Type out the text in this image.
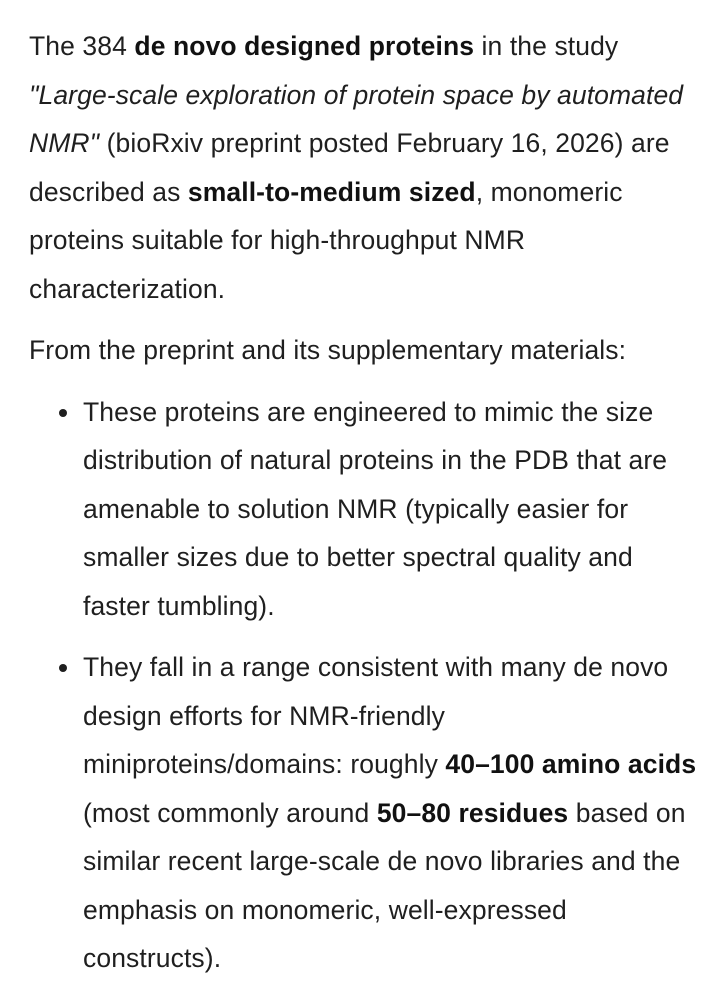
The 384 de novo designed proteins in the study "Large-scale exploration of protein space by automated NMR" (bioRxiv preprint posted February 16, 2026) are described as small-to-medium sized, monomeric proteins suitable for high-throughput NMR characterization.

From the preprint and its supplementary materials:

These proteins are engineered to mimic the size distribution of natural proteins in the PDB that are amenable to solution NMR (typically easier for smaller sizes due to better spectral quality and faster tumbling).

They fall in a range consistent with many de novo design efforts for NMR-friendly miniproteins/domains: roughly 40–100 amino acids (most commonly around 50–80 residues based on similar recent large-scale de novo libraries and the emphasis on monomeric, well-expressed constructs).
